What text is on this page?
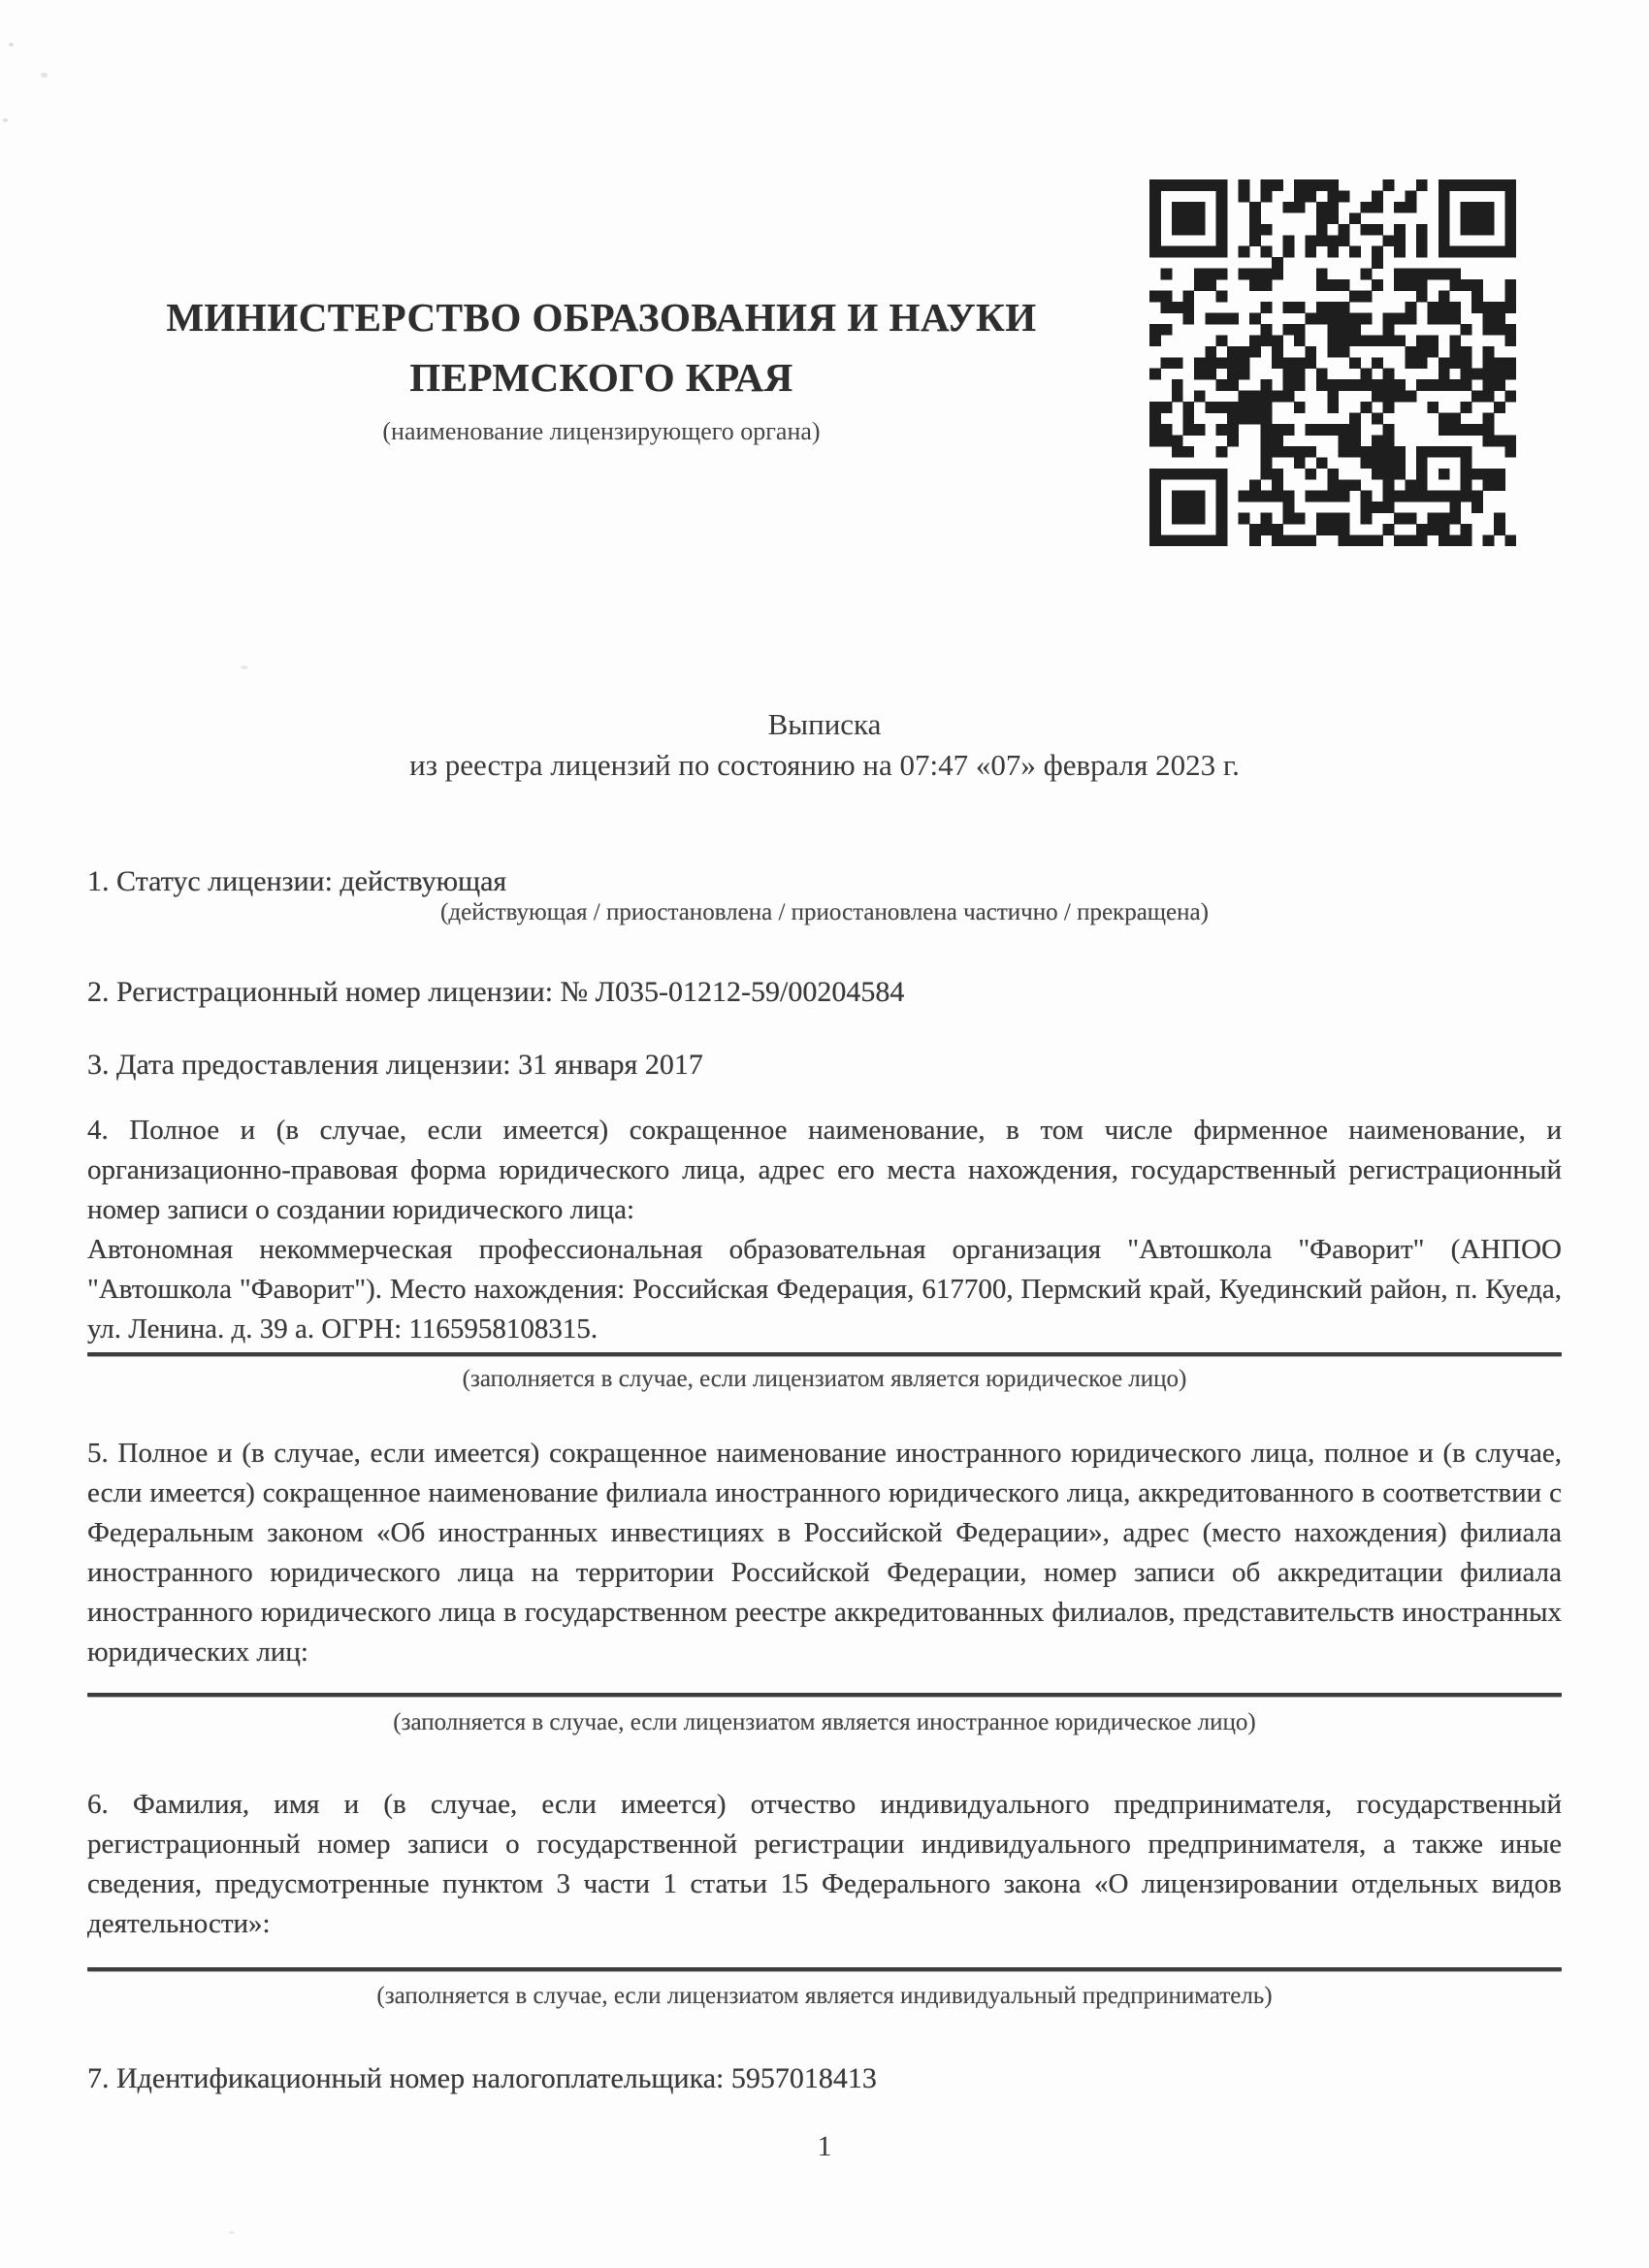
МИНИСТЕРСТВО ОБРАЗОВАНИЯ И НАУКИ
ПЕРМСКОГО КРАЯ
(наименование лицензирующего органа)
Выписка
из реестра лицензий по состоянию на 07:47 «07» февраля 2023 г.
1. Статус лицензии: действующая
(действующая / приостановлена / приостановлена частично / прекращена)
2. Регистрационный номер лицензии: № Л035-01212-59/00204584
3. Дата предоставления лицензии: 31 января 2017

4. Полное и (в случае, если имеется) сокращенное наименование, в том числе фирменное наименование, и организационно-правовая форма юридического лица, адрес его места нахождения, государственный регистрационный номер записи о создании юридического лица:

Автономная некоммерческая профессиональная образовательная организация "Автошкола "Фаворит" (АНПОО "Автошкола "Фаворит"). Место нахождения: Российская Федерация, 617700, Пермский край, Куединский район, п. Куеда, ул. Ленина. д. 39 а. ОГРН: 1165958108315.

(заполняется в случае, если лицензиатом является юридическое лицо)

5. Полное и (в случае, если имеется) сокращенное наименование иностранного юридического лица, полное и (в случае, если имеется) сокращенное наименование филиала иностранного юридического лица, аккредитованного в соответствии с Федеральным законом «Об иностранных инвестициях в Российской Федерации», адрес (место нахождения) филиала иностранного юридического лица на территории Российской Федерации, номер записи об аккредитации филиала иностранного юридического лица в государственном реестре аккредитованных филиалов, представительств иностранных юридических лиц:

(заполняется в случае, если лицензиатом является иностранное юридическое лицо)

6. Фамилия, имя и (в случае, если имеется) отчество индивидуального предпринимателя, государственный регистрационный номер записи о государственной регистрации индивидуального предпринимателя, а также иные сведения, предусмотренные пунктом 3 части 1 статьи 15 Федерального закона «О лицензировании отдельных видов деятельности»:

(заполняется в случае, если лицензиатом является индивидуальный предприниматель)
7. Идентификационный номер налогоплательщика: 5957018413
1
